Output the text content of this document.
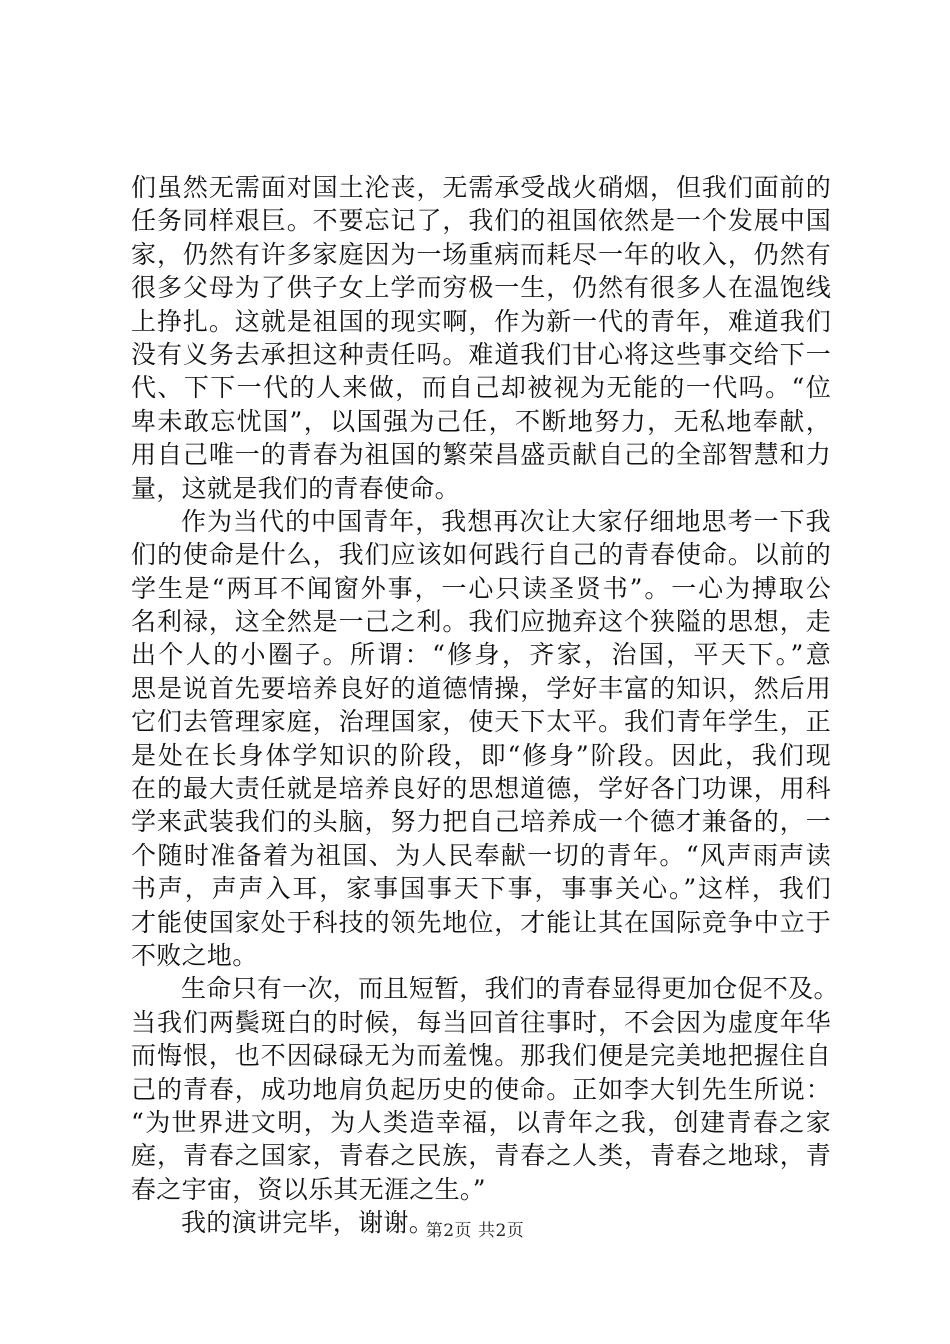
们虽然无需面对国土沦丧，无需承受战火硝烟，但我们面前的
任务同样艰巨。不要忘记了，我们的祖国依然是一个发展中国
家，仍然有许多家庭因为一场重病而耗尽一年的收入，仍然有
很多父母为了供子女上学而穷极一生，仍然有很多人在温饱线
上挣扎。这就是祖国的现实啊，作为新一代的青年，难道我们
没有义务去承担这种责任吗。难道我们甘心将这些事交给下一
代、下下一代的人来做，而自己却被视为无能的一代吗。“位
卑未敢忘忧国”，以国强为己任，不断地努力，无私地奉献，
用自己唯一的青春为祖国的繁荣昌盛贡献自己的全部智慧和力
量，这就是我们的青春使命。
作为当代的中国青年，我想再次让大家仔细地思考一下我
们的使命是什么，我们应该如何践行自己的青春使命。以前的
学生是“两耳不闻窗外事，一心只读圣贤书”。一心为搏取公
名利禄，这全然是一己之利。我们应抛弃这个狭隘的思想，走
出个人的小圈子。所谓：“修身，齐家，治国，平天下。”意
思是说首先要培养良好的道德情操，学好丰富的知识，然后用
它们去管理家庭，治理国家，使天下太平。我们青年学生，正
是处在长身体学知识的阶段，即“修身”阶段。因此，我们现
在的最大责任就是培养良好的思想道德，学好各门功课，用科
学来武装我们的头脑，努力把自己培养成一个德才兼备的，一
个随时准备着为祖国、为人民奉献一切的青年。“风声雨声读
书声，声声入耳，家事国事天下事，事事关心。”这样，我们
才能使国家处于科技的领先地位，才能让其在国际竞争中立于
不败之地。
生命只有一次，而且短暂，我们的青春显得更加仓促不及。
当我们两鬓斑白的时候，每当回首往事时，不会因为虚度年华
而悔恨，也不因碌碌无为而羞愧。那我们便是完美地把握住自
己的青春，成功地肩负起历史的使命。正如李大钊先生所说：
“为世界进文明，为人类造幸福，以青年之我，创建青春之家
庭，青春之国家，青春之民族，青春之人类，青春之地球，青
春之宇宙，资以乐其无涯之生。”
我的演讲完毕，谢谢。
第2页 共2页
